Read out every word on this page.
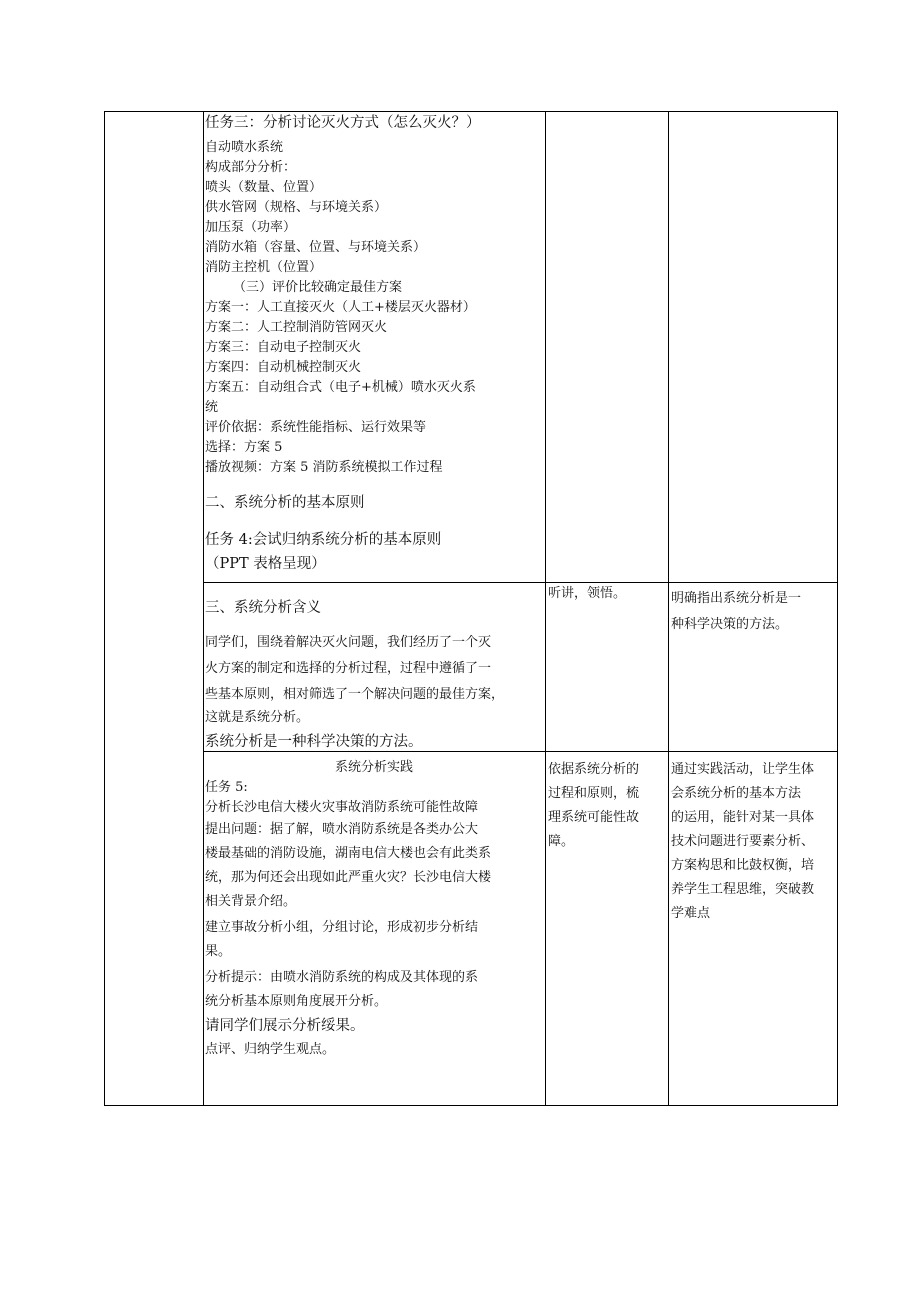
任务三：分析讨论灭火方式（怎么灭火？）

自动喷水系统

构成部分分析：

喷头（数量、位置）

供水管网（规格、与环境关系）

加压泵（功率）

消防水箱（容量、位置、与环境关系）

消防主控机（位置）

（三）评价比较确定最佳方案

方案一：人工直接灭火（人工+楼层灭火器材）

方案二：人工控制消防管网灭火

方案三：自动电子控制灭火

方案四：自动机械控制灭火

方案五：自动组合式（电子+机械）喷水灭火系

统

评价依据：系统性能指标、运行效果等

选择：方案 5

播放视频：方案 5 消防系统模拟工作过程

二、系统分析的基本原则

任务 4:会试归纳系统分析的基本原则

（PPT 表格呈现）

三、系统分析含义

同学们，围绕着解决灭火问题，我们经历了一个灭

火方案的制定和选择的分析过程，过程中遵循了一

些基本原则，相对筛选了一个解决问题的最佳方案，

这就是系统分析。

系统分析是一种科学决策的方法。

听讲，领悟。	明确指出系统分析是一

种科学决策的方法。

系统分析实践

任务 5:

分析长沙电信大楼火灾事故消防系统可能性故障

提出问题：据了解，喷水消防系统是各类办公大

楼最基础的消防设施，湖南电信大楼也会有此类系

统，那为何还会出现如此严重火灾？长沙电信大楼

相关背景介绍。

建立事故分析小组，分组讨论，形成初步分析结

果。

分析提示：由喷水消防系统的构成及其体现的系

统分析基本原则角度展开分析。

请同学们展示分析绥果。

点评、归纳学生观点。

依据系统分析的

过程和原则，梳

理系统可能性故

障。

通过实践活动，让学生体

会系统分析的基本方法

的运用，能针对某一具体

技术问题进行要素分析、

方案构思和比鼓权衡，培

养学生工程思维，突破教

学难点
